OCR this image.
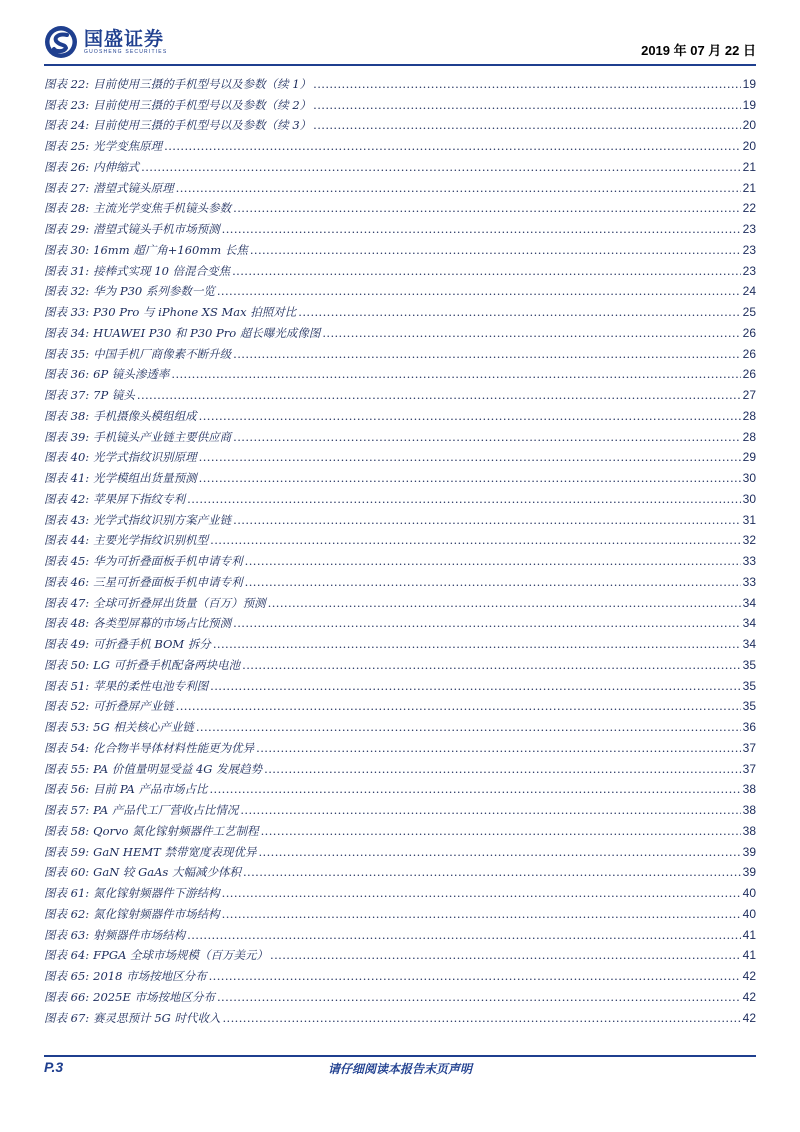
国盛证券
GUOSHENG SECURITIES	2019 年 07 月 22 日
图表 22: 目前使用三摄的手机型号以及参数（续 1） .....	19
图表 23: 目前使用三摄的手机型号以及参数（续 2） .....	19
图表 24: 目前使用三摄的手机型号以及参数（续 3） .....	20
图表 25: 光学变焦原理 .....	20
图表 26: 内伸缩式 .....	21
图表 27: 潜望式镜头原理 .....	21
图表 28: 主流光学变焦手机镜头参数 .....	22
图表 29: 潜望式镜头手机市场预测 .....	23
图表 30: 16mm 超广角+160mm 长焦 .....	23
图表 31: 接棒式实现 10 倍混合变焦 .....	23
图表 32: 华为 P30 系列参数一览 .....	24
图表 33: P30 Pro 与 iPhone XS Max 拍照对比 .....	25
图表 34: HUAWEI P30 和 P30 Pro 超长曝光成像图 .....	26
图表 35: 中国手机厂商像素不断升级 .....	26
图表 36: 6P 镜头渗透率 .....	26
图表 37: 7P 镜头 .....	27
图表 38: 手机摄像头模组组成 .....	28
图表 39: 手机镜头产业链主要供应商 .....	28
图表 40: 光学式指纹识别原理 .....	29
图表 41: 光学模组出货量预测 .....	30
图表 42: 苹果屏下指纹专利 .....	30
图表 43: 光学式指纹识别方案产业链 .....	31
图表 44: 主要光学指纹识别机型 .....	32
图表 45: 华为可折叠面板手机申请专利 .....	33
图表 46: 三星可折叠面板手机申请专利 .....	33
图表 47: 全球可折叠屏出货量（百万）预测 .....	34
图表 48: 各类型屏幕的市场占比预测 .....	34
图表 49: 可折叠手机 BOM 拆分 .....	34
图表 50: LG 可折叠手机配备两块电池 .....	35
图表 51: 苹果的柔性电池专利图 .....	35
图表 52: 可折叠屏产业链 .....	35
图表 53: 5G 相关核心产业链 .....	36
图表 54: 化合物半导体材料性能更为优异 .....	37
图表 55: PA 价值量明显受益 4G 发展趋势 .....	37
图表 56: 目前 PA 产品市场占比 .....	38
图表 57: PA 产品代工厂营收占比情况 .....	38
图表 58: Qorvo 氮化镓射频器件工艺制程 .....	38
图表 59: GaN HEMT 禁带宽度表现优异 .....	39
图表 60: GaN 较 GaAs 大幅减少体积 .....	39
图表 61: 氮化镓射频器件下游结构 .....	40
图表 62: 氮化镓射频器件市场结构 .....	40
图表 63: 射频器件市场结构 .....	41
图表 64: FPGA 全球市场规模（百万美元） .....	41
图表 65: 2018 市场按地区分布 .....	42
图表 66: 2025E 市场按地区分布 .....	42
图表 67: 赛灵思预计 5G 时代收入 .....	42
P.3	请仔细阅读本报告末页声明
